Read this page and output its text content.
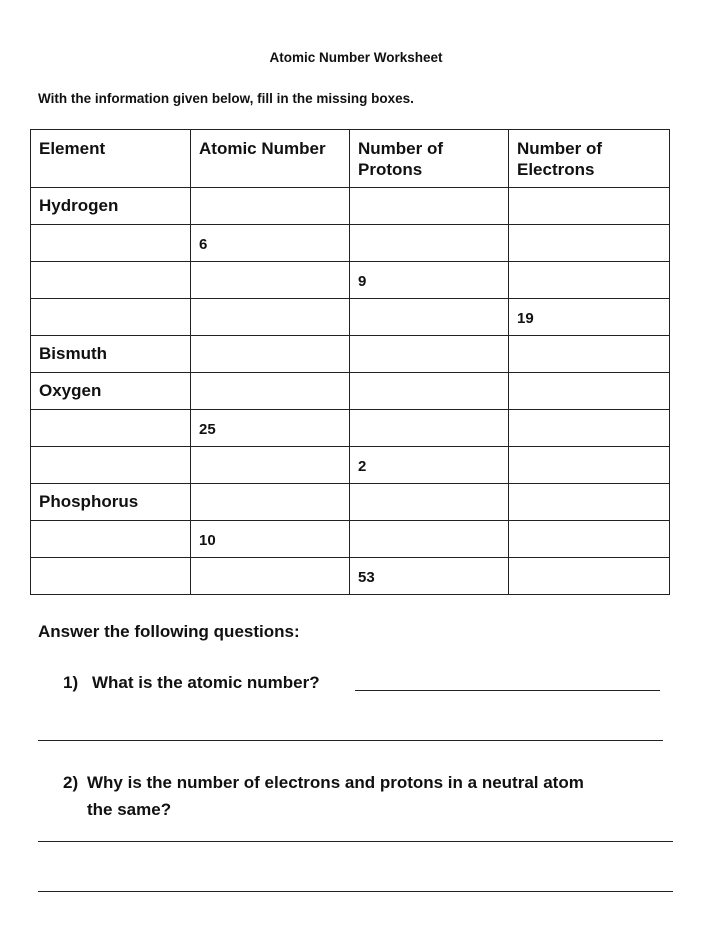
Atomic Number Worksheet
With the information given below, fill in the missing boxes.
Element	Atomic Number	Number of Protons	Number of Electrons
Hydrogen			
	6		
		9	
			19
Bismuth			
Oxygen			
	25		
		2	
Phosphorus			
	10		
		53	
Answer the following questions:
1) What is the atomic number?
2) Why is the number of electrons and protons in a neutral atom
the same?
